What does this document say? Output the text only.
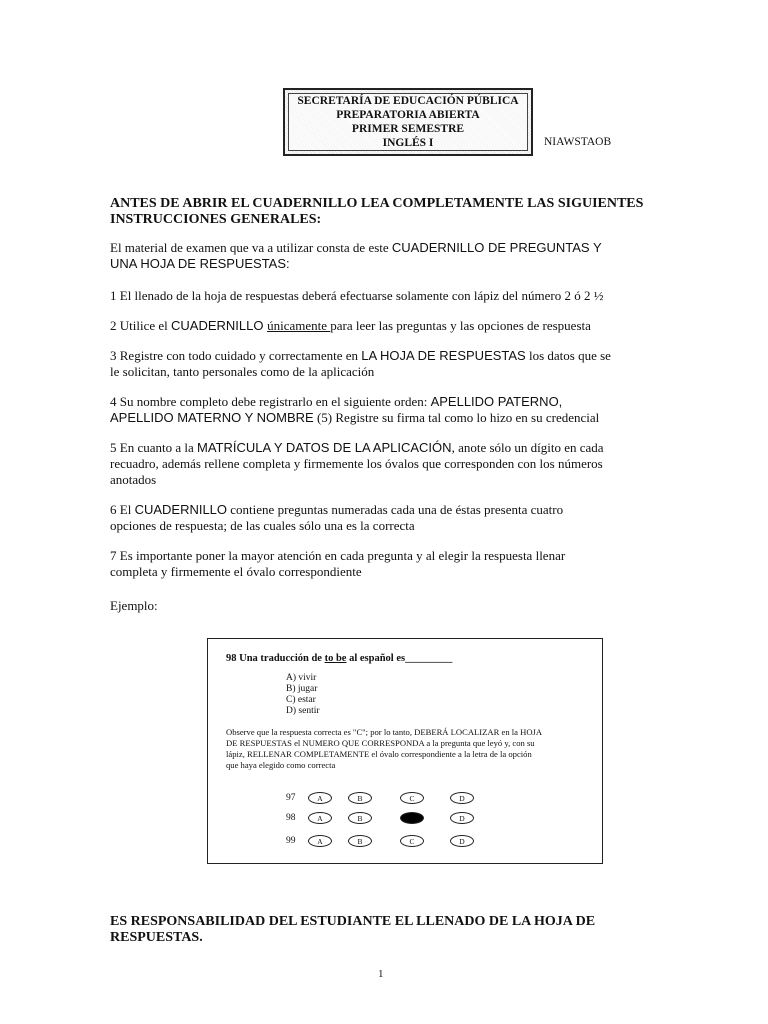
SECRETARÍA DE EDUCACIÓN PÚBLICA
PREPARATORIA ABIERTA
PRIMER SEMESTRE
INGLÉS I	NIAWSTAOB
ANTES DE ABRIR EL CUADERNILLO LEA COMPLETAMENTE LAS SIGUIENTES
INSTRUCCIONES GENERALES:
El material de examen que va a utilizar consta de este CUADERNILLO DE PREGUNTAS Y
UNA HOJA DE RESPUESTAS:
1 El llenado de la hoja de respuestas deberá efectuarse solamente con lápiz del número 2 ó 2 ½
2 Utilice el CUADERNILLO únicamente para leer las preguntas y las opciones de respuesta
3 Registre con todo cuidado y correctamente en LA HOJA DE RESPUESTAS los datos que se
le solicitan, tanto personales como de la aplicación
4 Su nombre completo debe registrarlo en el siguiente orden: APELLIDO PATERNO,
APELLIDO MATERNO Y NOMBRE (5) Registre su firma tal como lo hizo en su credencial
5 En cuanto a la MATRÍCULA Y DATOS DE LA APLICACIÓN, anote sólo un dígito en cada
recuadro, además rellene completa y firmemente los óvalos que corresponden con los números
anotados
6 El CUADERNILLO contiene preguntas numeradas cada una de éstas presenta cuatro
opciones de respuesta; de las cuales sólo una es la correcta
7 Es importante poner la mayor atención en cada pregunta y al elegir la respuesta llenar
completa y firmemente el óvalo correspondiente
Ejemplo:
98 Una traducción de to be al español es_________
A) vivir
B) jugar
C) estar
D) sentir
Observe que la respuesta correcta es "C"; por lo tanto, DEBERÁ LOCALIZAR en la HOJA
DE RESPUESTAS el NUMERO QUE CORRESPONDA a la pregunta que leyó y, con su
lápiz, RELLENAR COMPLETAMENTE el óvalo correspondiente a la letra de la opción
que haya elegido como correcta
97	A	B	C	D
98	A	B	C	D
99	A	B	C	D
ES RESPONSABILIDAD DEL ESTUDIANTE EL LLENADO DE LA HOJA DE
RESPUESTAS.
1
